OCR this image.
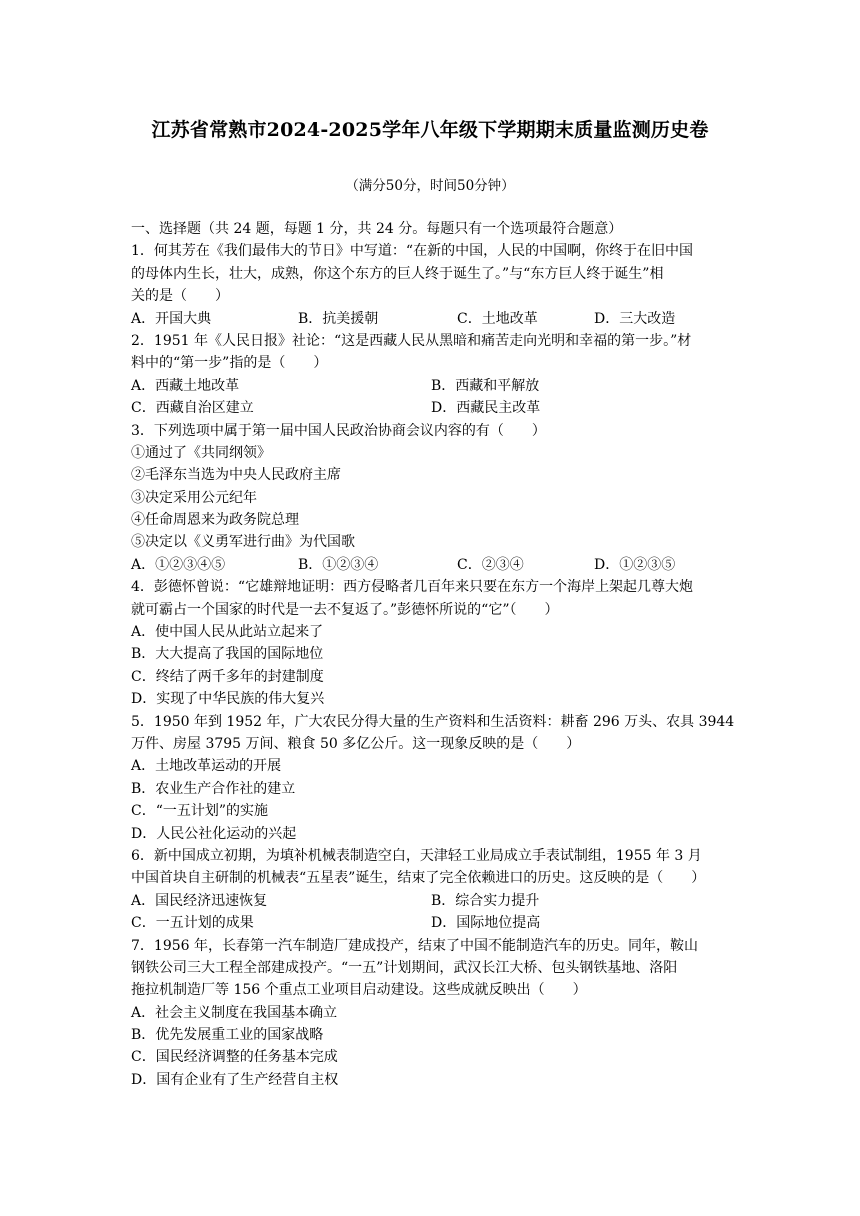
江苏省常熟市2024-2025学年八年级下学期期末质量监测历史卷
（满分50分，时间50分钟）
一、选择题（共 24 题，每题 1 分，共 24 分。每题只有一个选项最符合题意）
1．何其芳在《我们最伟大的节日》中写道：“在新的中国，人民的中国啊，你终于在旧中国
的母体内生长，壮大，成熟，你这个东方的巨人终于诞生了。”与“东方巨人终于诞生”相
关的是（　　）
A．开国大典	B．抗美援朝	C．土地改革	D．三大改造
2．1951 年《人民日报》社论：“这是西藏人民从黑暗和痛苦走向光明和幸福的第一步。”材
料中的“第一步”指的是（　　）
A．西藏土地改革	B．西藏和平解放
C．西藏自治区建立	D．西藏民主改革
3．下列选项中属于第一届中国人民政治协商会议内容的有（　　）
①通过了《共同纲领》
②毛泽东当选为中央人民政府主席
③决定采用公元纪年
④任命周恩来为政务院总理
⑤决定以《义勇军进行曲》为代国歌
A．①②③④⑤	B．①②③④	C．②③④	D．①②③⑤
4．彭德怀曾说：“它雄辩地证明：西方侵略者几百年来只要在东方一个海岸上架起几尊大炮
就可霸占一个国家的时代是一去不复返了。”彭德怀所说的“它”（　　）
A．使中国人民从此站立起来了
B．大大提高了我国的国际地位
C．终结了两千多年的封建制度
D．实现了中华民族的伟大复兴
5．1950 年到 1952 年，广大农民分得大量的生产资料和生活资料：耕畜 296 万头、农具 3944
万件、房屋 3795 万间、粮食 50 多亿公斤。这一现象反映的是（　　）
A．土地改革运动的开展
B．农业生产合作社的建立
C．“一五计划”的实施
D．人民公社化运动的兴起
6．新中国成立初期，为填补机械表制造空白，天津轻工业局成立手表试制组，1955 年 3 月
中国首块自主研制的机械表“五星表”诞生，结束了完全依赖进口的历史。这反映的是（　　）
A．国民经济迅速恢复	B．综合实力提升
C．一五计划的成果	D．国际地位提高
7．1956 年，长春第一汽车制造厂建成投产，结束了中国不能制造汽车的历史。同年，鞍山
钢铁公司三大工程全部建成投产。“一五”计划期间，武汉长江大桥、包头钢铁基地、洛阳
拖拉机制造厂等 156 个重点工业项目启动建设。这些成就反映出（　　）
A．社会主义制度在我国基本确立
B．优先发展重工业的国家战略
C．国民经济调整的任务基本完成
D．国有企业有了生产经营自主权
